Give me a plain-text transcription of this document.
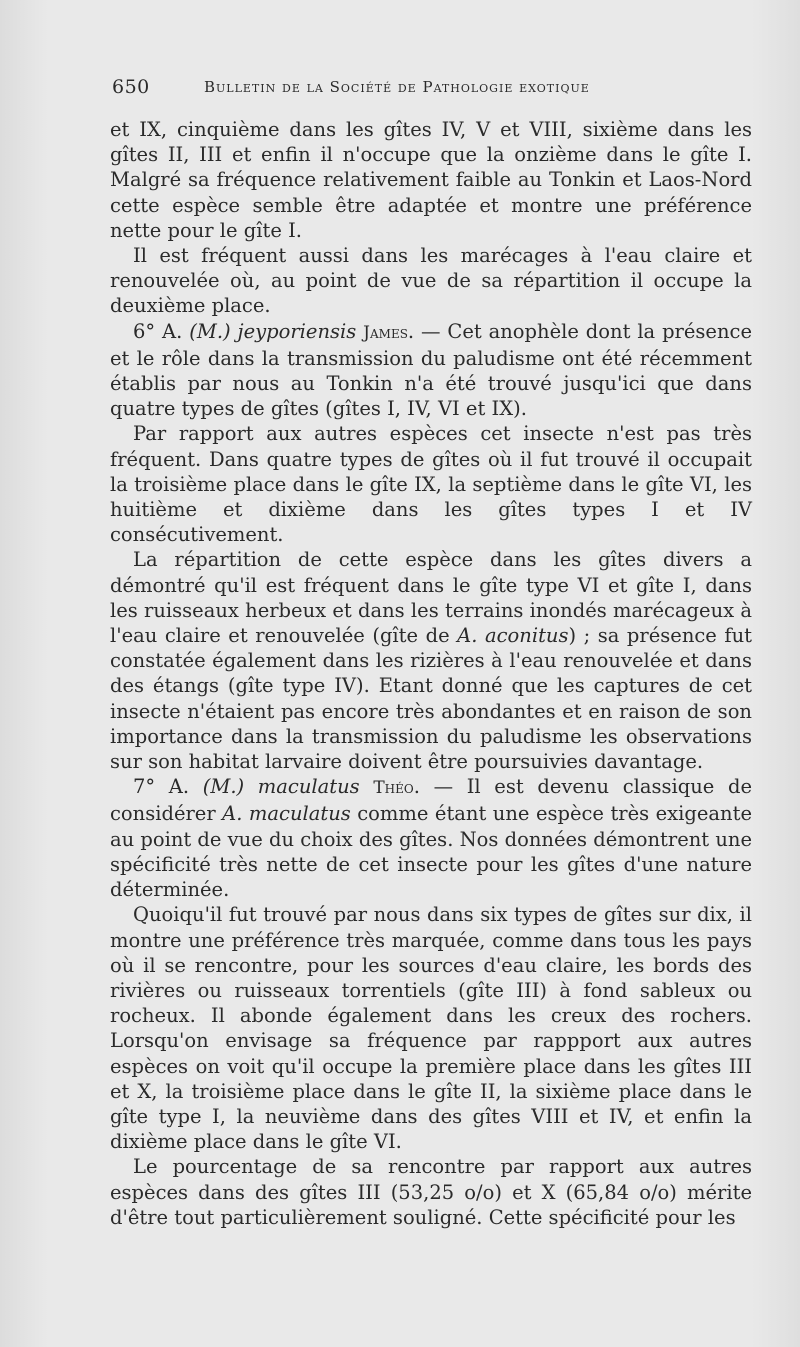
650	Bulletin de la Société de Pathologie exotique

et IX, cinquième dans les gîtes IV, V et VIII, sixième dans les gîtes II, III et enfin il n'occupe que la onzième dans le gîte I. Malgré sa fréquence relativement faible au Tonkin et Laos-Nord cette espèce semble être adaptée et montre une préférence nette pour le gîte I.

Il est fréquent aussi dans les marécages à l'eau claire et renouvelée où, au point de vue de sa répartition il occupe la deuxième place.

6° A. (M.) jeyporiensis James. — Cet anophèle dont la présence et le rôle dans la transmission du paludisme ont été récemment établis par nous au Tonkin n'a été trouvé jusqu'ici que dans quatre types de gîtes (gîtes I, IV, VI et IX).

Par rapport aux autres espèces cet insecte n'est pas très fréquent. Dans quatre types de gîtes où il fut trouvé il occupait la troisième place dans le gîte IX, la septième dans le gîte VI, les huitième et dixième dans les gîtes types I et IV consécutivement.

La répartition de cette espèce dans les gîtes divers a démontré qu'il est fréquent dans le gîte type VI et gîte I, dans les ruisseaux herbeux et dans les terrains inondés marécageux à l'eau claire et renouvelée (gîte de A. aconitus) ; sa présence fut constatée également dans les rizières à l'eau renouvelée et dans des étangs (gîte type IV). Etant donné que les captures de cet insecte n'étaient pas encore très abondantes et en raison de son importance dans la transmission du paludisme les observations sur son habitat larvaire doivent être poursuivies davantage.

7° A. (M.) maculatus Théo. — Il est devenu classique de considérer A. maculatus comme étant une espèce très exigeante au point de vue du choix des gîtes. Nos données démontrent une spécificité très nette de cet insecte pour les gîtes d'une nature déterminée.

Quoiqu'il fut trouvé par nous dans six types de gîtes sur dix, il montre une préférence très marquée, comme dans tous les pays où il se rencontre, pour les sources d'eau claire, les bords des rivières ou ruisseaux torrentiels (gîte III) à fond sableux ou rocheux. Il abonde également dans les creux des rochers. Lorsqu'on envisage sa fréquence par rappport aux autres espèces on voit qu'il occupe la première place dans les gîtes III et X, la troisième place dans le gîte II, la sixième place dans le gîte type I, la neuvième dans des gîtes VIII et IV, et enfin la dixième place dans le gîte VI.

Le pourcentage de sa rencontre par rapport aux autres espèces dans des gîtes III (53,25 o/o) et X (65,84 o/o) mérite d'être tout particulièrement souligné. Cette spécificité pour les
